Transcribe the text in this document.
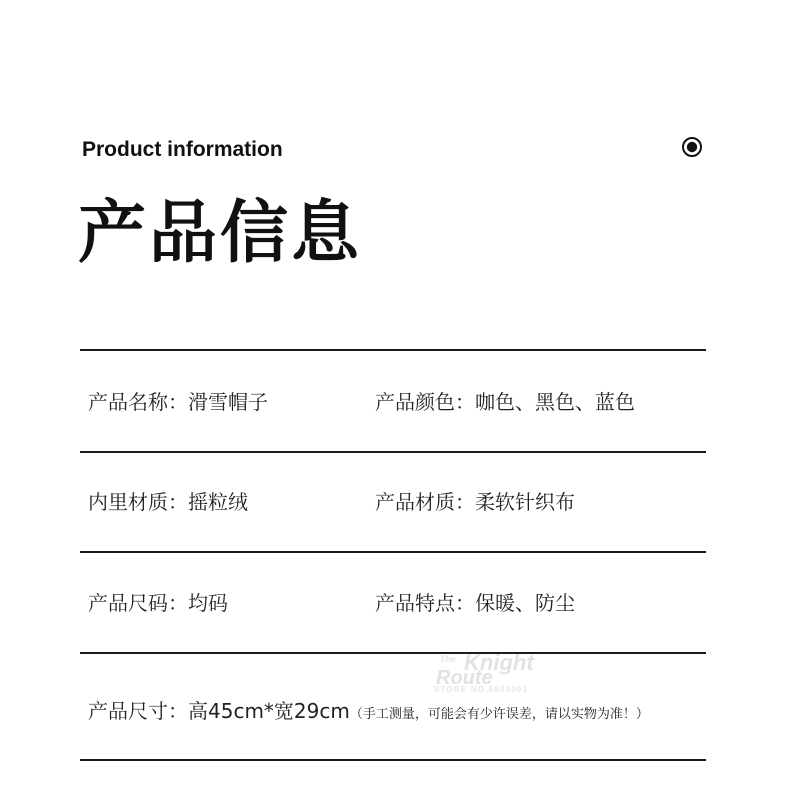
Product information
产品信息
产品名称：滑雪帽子	产品颜色：咖色、黑色、蓝色
内里材质：摇粒绒	产品材质：柔软针织布
产品尺码：均码	产品特点：保暖、防尘
The Knight
Route
STORE NO.5603001
产品尺寸：高45cm*宽29cm（手工测量，可能会有少许误差，请以实物为准！）
